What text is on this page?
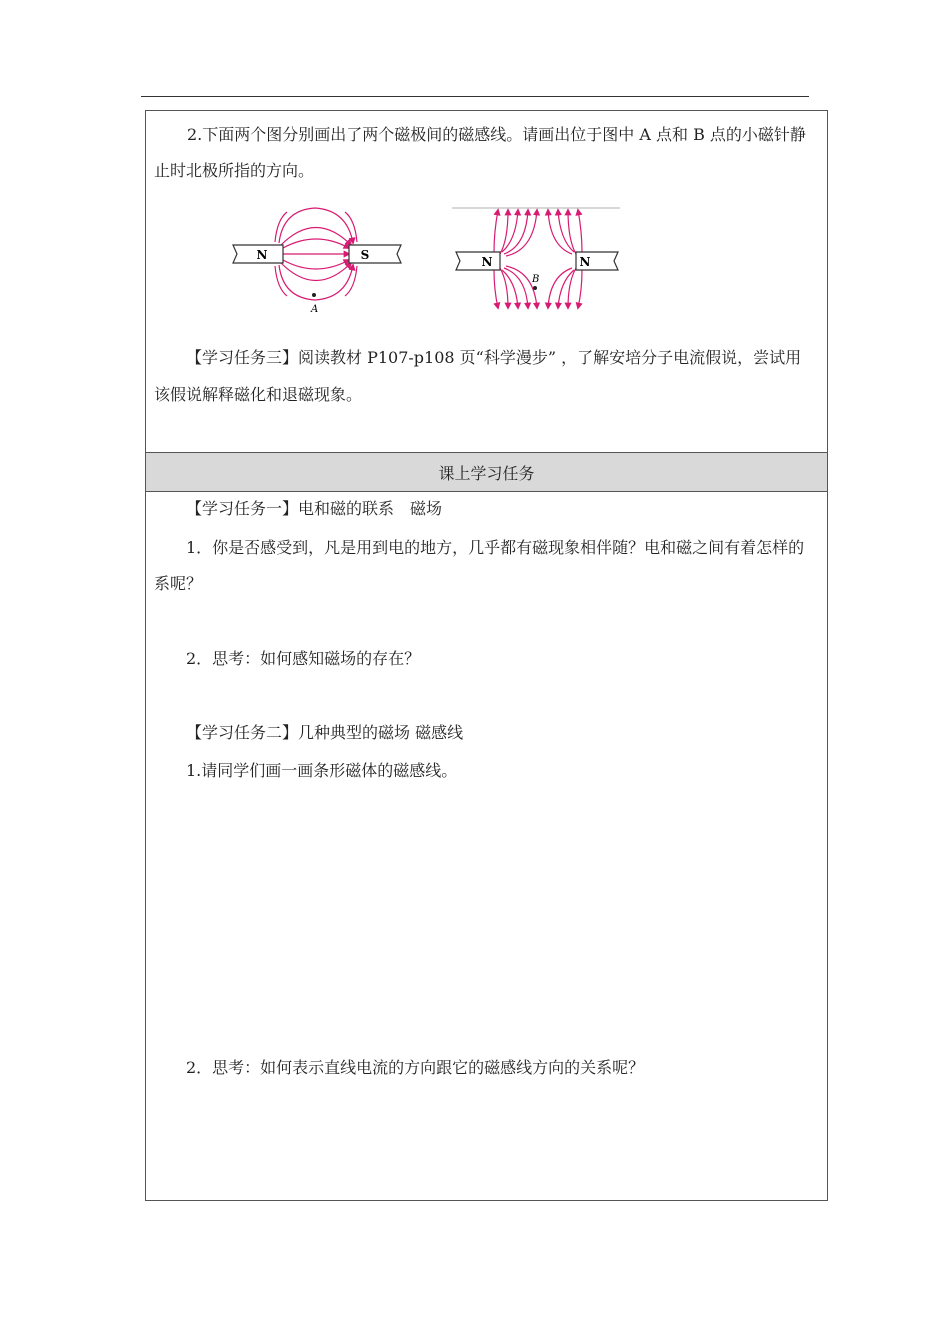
课上学习任务
2.下面两个图分别画出了两个磁极间的磁感线。请画出位于图中 A 点和 B 点的小磁针静
止时北极所指的方向。
N	S
A
N	N
B
【学习任务三】阅读教材 P107-p108 页“科学漫步” ，了解安培分子电流假说，尝试用
该假说解释磁化和退磁现象。
【学习任务一】电和磁的联系　磁场
1．你是否感受到，凡是用到电的地方，几乎都有磁现象相伴随？电和磁之间有着怎样的
系呢？
2．思考：如何感知磁场的存在？
【学习任务二】几种典型的磁场 磁感线
1.请同学们画一画条形磁体的磁感线。
2．思考：如何表示直线电流的方向跟它的磁感线方向的关系呢？
